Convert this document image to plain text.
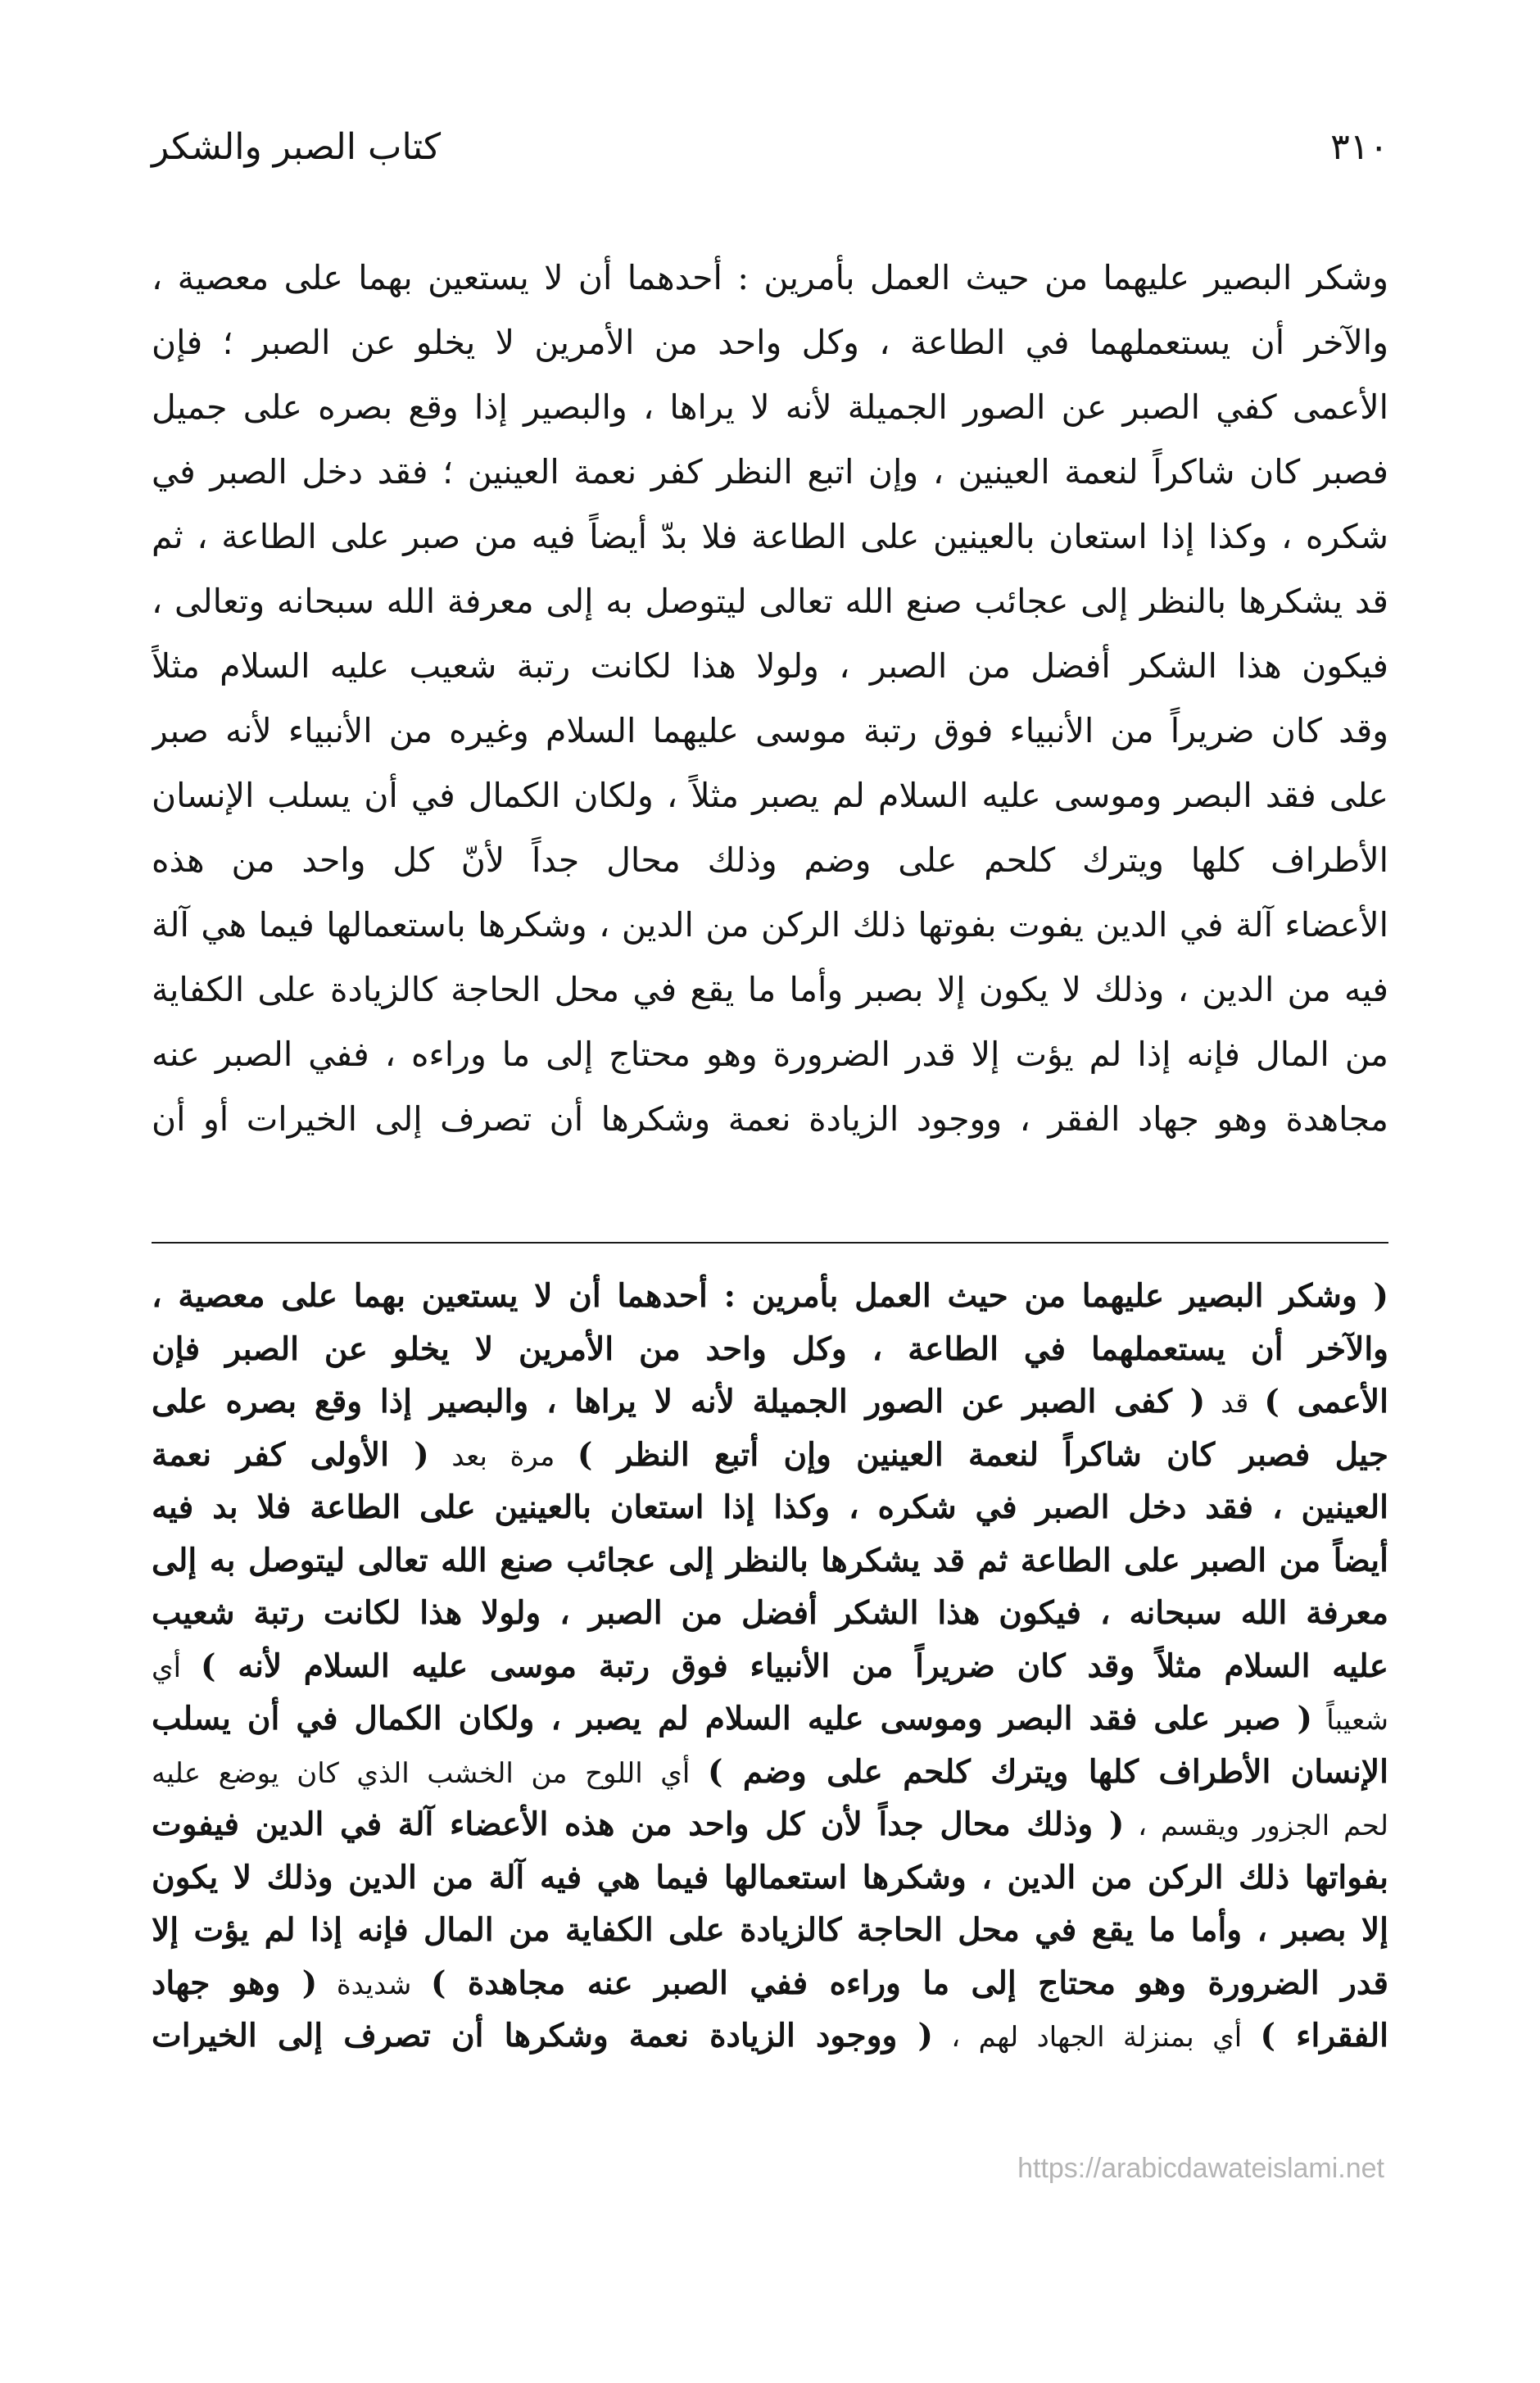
٣١٠
كتاب الصبر والشكر
وشكر البصير عليهما من حيث العمل بأمرين : أحدهما أن لا يستعين بهما على معصية ،
والآخر أن يستعملهما في الطاعة ، وكل واحد من الأمرين لا يخلو عن الصبر ؛ فإن
الأعمى كفي الصبر عن الصور الجميلة لأنه لا يراها ، والبصير إذا وقع بصره على جميل
فصبر كان شاكراً لنعمة العينين ، وإن اتبع النظر كفر نعمة العينين ؛ فقد دخل الصبر في
شكره ، وكذا إذا استعان بالعينين على الطاعة فلا بدّ أيضاً فيه من صبر على الطاعة ، ثم
قد يشكرها بالنظر إلى عجائب صنع الله تعالى ليتوصل به إلى معرفة الله سبحانه وتعالى ،
فيكون هذا الشكر أفضل من الصبر ، ولولا هذا لكانت رتبة شعيب عليه السلام مثلاً
وقد كان ضريراً من الأنبياء فوق رتبة موسى عليهما السلام وغيره من الأنبياء لأنه صبر
على فقد البصر وموسى عليه السلام لم يصبر مثلاً ، ولكان الكمال في أن يسلب الإنسان
الأطراف كلها ويترك كلحم على وضم وذلك محال جداً لأنّ كل واحد من هذه
الأعضاء آلة في الدين يفوت بفوتها ذلك الركن من الدين ، وشكرها باستعمالها فيما هي آلة
فيه من الدين ، وذلك لا يكون إلا بصبر وأما ما يقع في محل الحاجة كالزيادة على الكفاية
من المال فإنه إذا لم يؤت إلا قدر الضرورة وهو محتاج إلى ما وراءه ، ففي الصبر عنه
مجاهدة وهو جهاد الفقر ، ووجود الزيادة نعمة وشكرها أن تصرف إلى الخيرات أو أن
( وشكر البصير عليهما من حيث العمل بأمرين : أحدهما أن لا يستعين بهما على معصية ،
والآخر أن يستعملهما في الطاعة ، وكل واحد من الأمرين لا يخلو عن الصبر فإن
الأعمى ) قد ( كفى الصبر عن الصور الجميلة لأنه لا يراها ، والبصير إذا وقع بصره على
جيل فصبر كان شاكراً لنعمة العينين وإن أتبع النظر ) مرة بعد ( الأولى كفر نعمة
العينين ، فقد دخل الصبر في شكره ، وكذا إذا استعان بالعينين على الطاعة فلا بد فيه
أيضاً من الصبر على الطاعة ثم قد يشكرها بالنظر إلى عجائب صنع الله تعالى ليتوصل به إلى
معرفة الله سبحانه ، فيكون هذا الشكر أفضل من الصبر ، ولولا هذا لكانت رتبة شعيب
عليه السلام مثلاً وقد كان ضريراً من الأنبياء فوق رتبة موسى عليه السلام لأنه ) أي
شعيباً ( صبر على فقد البصر وموسى عليه السلام لم يصبر ، ولكان الكمال في أن يسلب
الإنسان الأطراف كلها ويترك كلحم على وضم ) أي اللوح من الخشب الذي كان يوضع عليه
لحم الجزور ويقسم ، ( وذلك محال جداً لأن كل واحد من هذه الأعضاء آلة في الدين فيفوت
بفواتها ذلك الركن من الدين ، وشكرها استعمالها فيما هي فيه آلة من الدين وذلك لا يكون
إلا بصبر ، وأما ما يقع في محل الحاجة كالزيادة على الكفاية من المال فإنه إذا لم يؤت إلا
قدر الضرورة وهو محتاج إلى ما وراءه ففي الصبر عنه مجاهدة ) شديدة ( وهو جهاد
الفقراء ) أي بمنزلة الجهاد لهم ، ( ووجود الزيادة نعمة وشكرها أن تصرف إلى الخيرات
https://arabicdawateislami.net
